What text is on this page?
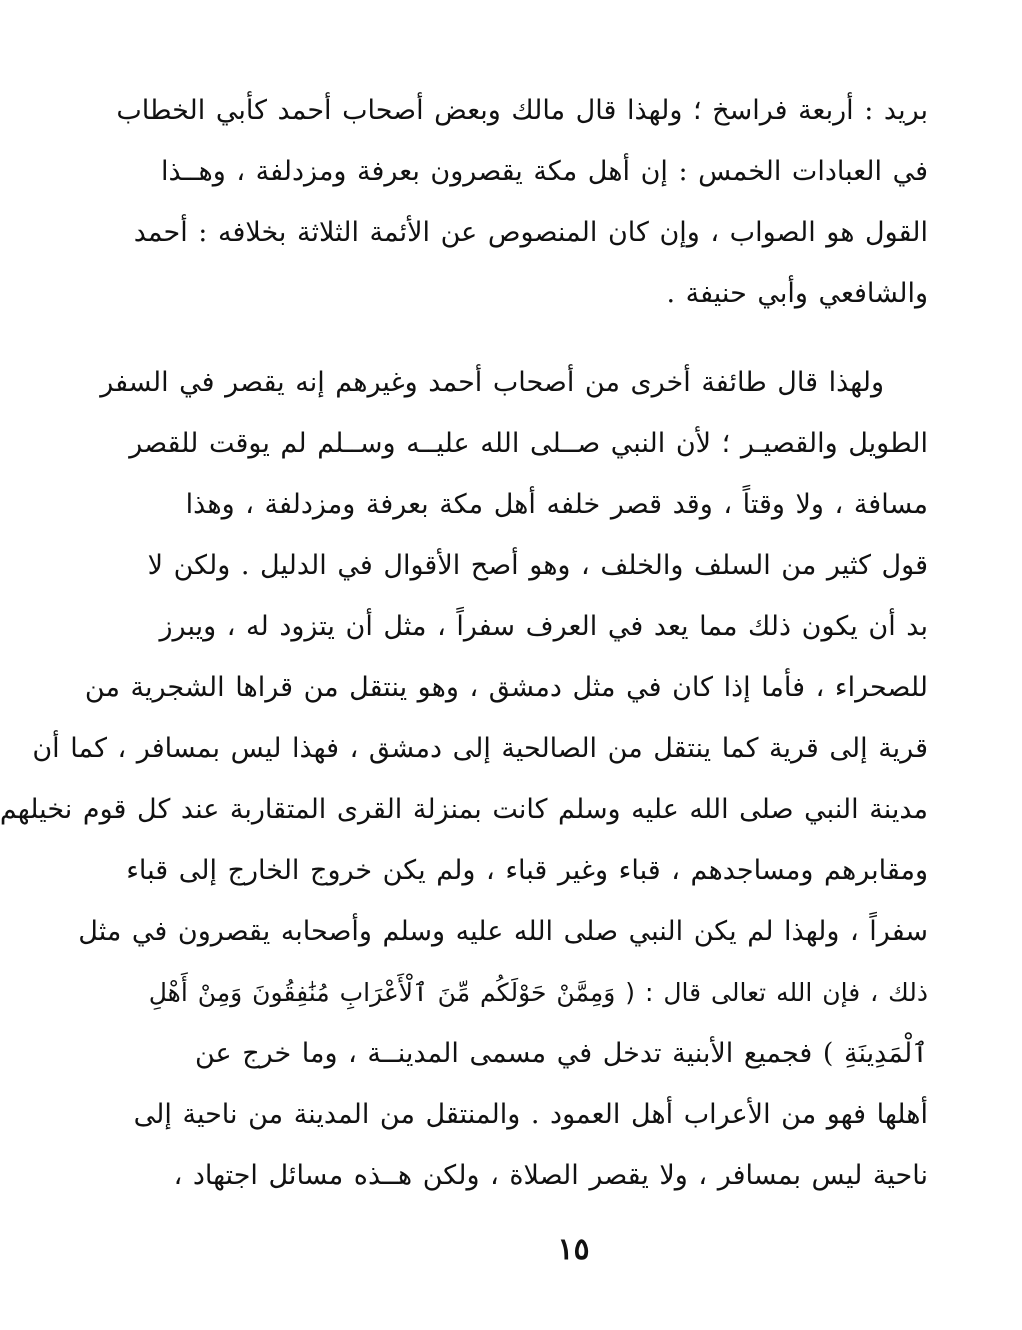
بريد : أربعة فراسخ ؛ ولهذا قال مالك وبعض أصحاب أحمد كأبي الخطاب
في العبادات الخمس : إن أهل مكة يقصرون بعرفة ومزدلفة ، وهــذا
القول هو الصواب ، وإن كان المنصوص عن الأئمة الثلاثة بخلافه : أحمد
والشافعي وأبي حنيفة .
ولهذا قال طائفة أخرى من أصحاب أحمد وغيرهم إنه يقصر في السفر
الطويل والقصيـر ؛ لأن النبي صــلى الله عليــه وســلم لم يوقت للقصر
مسافة ، ولا وقتاً ، وقد قصر خلفه أهل مكة بعرفة ومزدلفة ، وهذا
قول كثير من السلف والخلف ، وهو أصح الأقوال في الدليل . ولكن لا
بد أن يكون ذلك مما يعد في العرف سفراً ، مثل أن يتزود له ، ويبرز
للصحراء ، فأما إذا كان في مثل دمشق ، وهو ينتقل من قراها الشجرية من
قرية إلى قرية كما ينتقل من الصالحية إلى دمشق ، فهذا ليس بمسافر ، كما أن
مدينة النبي صلى الله عليه وسلم كانت بمنزلة القرى المتقاربة عند كل قوم نخيلهم
ومقابرهم ومساجدهم ، قباء وغير قباء ، ولم يكن خروج الخارج إلى قباء
سفراً ، ولهذا لم يكن النبي صلى الله عليه وسلم وأصحابه يقصرون في مثل
ذلك ، فإن الله تعالى قال : ( وَمِمَّنْ حَوْلَكُم مِّنَ ٱلْأَعْرَابِ مُنَٰفِقُونَ وَمِنْ أَهْلِ
ٱلْمَدِينَةِ ) فجميع الأبنية تدخل في مسمى المدينــة ، وما خرج عن
أهلها فهو من الأعراب أهل العمود . والمنتقل من المدينة من ناحية إلى
ناحية ليس بمسافر ، ولا يقصر الصلاة ، ولكن هــذه مسائل اجتهاد ،
١٥
